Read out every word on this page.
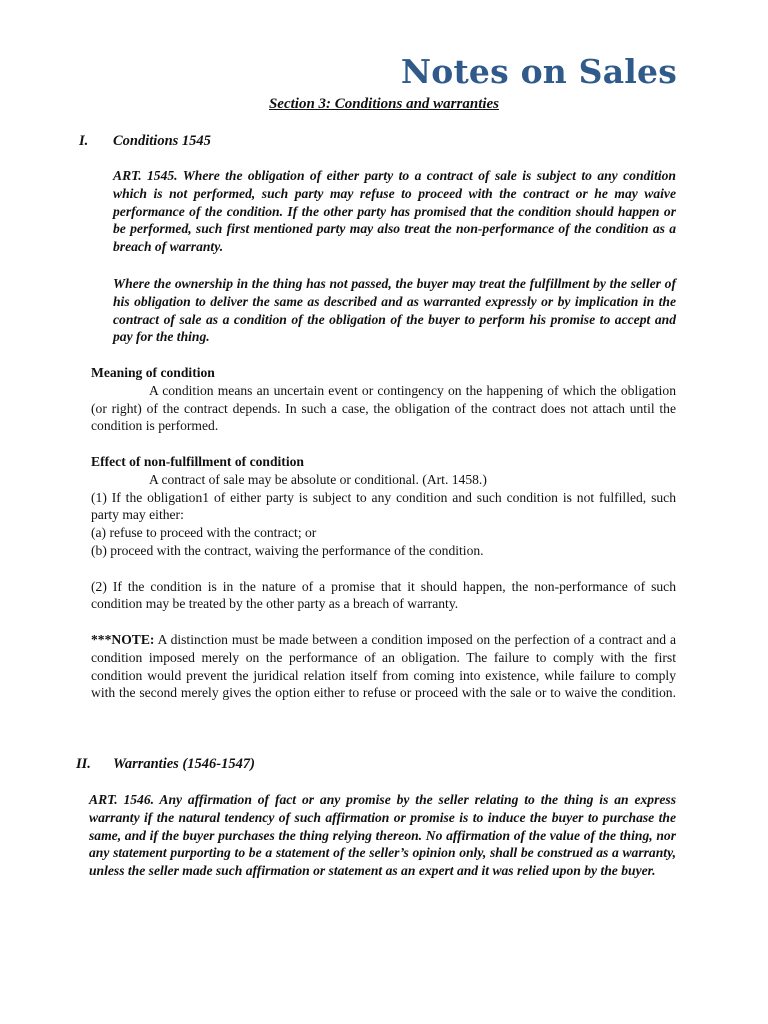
Notes on Sales
Section 3: Conditions and warranties
I. Conditions 1545

ART. 1545. Where the obligation of either party to a contract of sale is subject to any condition which is not performed, such party may refuse to proceed with the contract or he may waive performance of the condition. If the other party has promised that the condition should happen or be performed, such first mentioned party may also treat the non-performance of the condition as a breach of warranty.

Where the ownership in the thing has not passed, the buyer may treat the fulfillment by the seller of his obligation to deliver the same as described and as warranted expressly or by implication in the contract of sale as a condition of the obligation of the buyer to perform his promise to accept and pay for the thing.

Meaning of condition

A condition means an uncertain event or contingency on the happening of which the obligation (or right) of the contract depends. In such a case, the obligation of the contract does not attach until the condition is performed.

Effect of non-fulfillment of condition

A contract of sale may be absolute or conditional. (Art. 1458.)

(1) If the obligation1 of either party is subject to any condition and such condition is not fulfilled, such party may either:

(a) refuse to proceed with the contract; or

(b) proceed with the contract, waiving the performance of the condition.

(2) If the condition is in the nature of a promise that it should happen, the non-performance of such condition may be treated by the other party as a breach of warranty.

***NOTE: A distinction must be made between a condition imposed on the perfection of a contract and a condition imposed merely on the performance of an obligation. The failure to comply with the first condition would prevent the juridical relation itself from coming into existence, while failure to comply with the second merely gives the option either to refuse or proceed with the sale or to waive the condition.

II. Warranties (1546-1547)

ART. 1546. Any affirmation of fact or any promise by the seller relating to the thing is an express warranty if the natural tendency of such affirmation or promise is to induce the buyer to purchase the same, and if the buyer purchases the thing relying thereon. No affirmation of the value of the thing, nor any statement purporting to be a statement of the seller’s opinion only, shall be construed as a warranty, unless the seller made such affirmation or statement as an expert and it was relied upon by the buyer.
